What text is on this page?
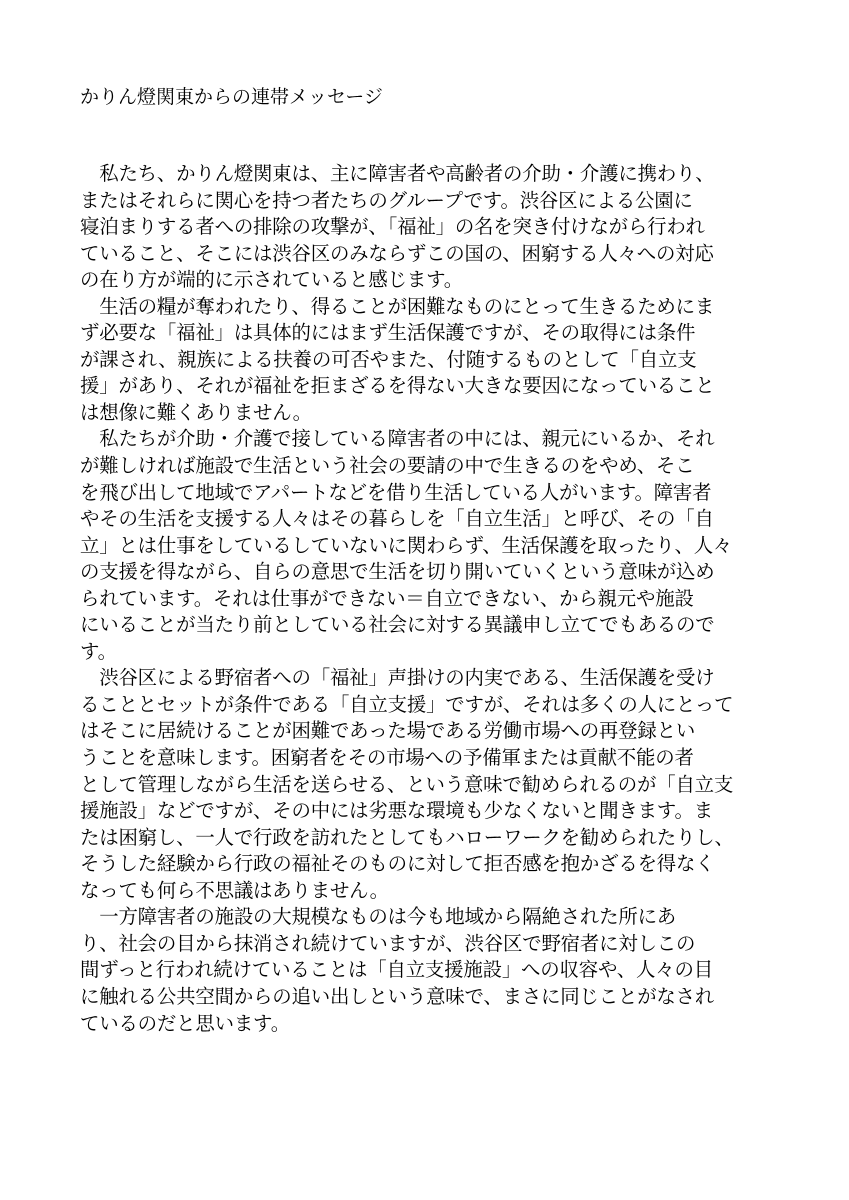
かりん燈関東からの連帯メッセージ
　私たち、かりん燈関東は、主に障害者や高齢者の介助・介護に携わり、
またはそれらに関心を持つ者たちのグループです。渋谷区による公園に
寝泊まりする者への排除の攻撃が、「福祉」の名を突き付けながら行われ
ていること、そこには渋谷区のみならずこの国の、困窮する人々への対応
の在り方が端的に示されていると感じます。
　生活の糧が奪われたり、得ることが困難なものにとって生きるためにま
ず必要な「福祉」は具体的にはまず生活保護ですが、その取得には条件
が課され、親族による扶養の可否やまた、付随するものとして「自立支
援」があり、それが福祉を拒まざるを得ない大きな要因になっていること
は想像に難くありません。
　私たちが介助・介護で接している障害者の中には、親元にいるか、それ
が難しければ施設で生活という社会の要請の中で生きるのをやめ、そこ
を飛び出して地域でアパートなどを借り生活している人がいます。障害者
やその生活を支援する人々はその暮らしを「自立生活」と呼び、その「自
立」とは仕事をしているしていないに関わらず、生活保護を取ったり、人々
の支援を得ながら、自らの意思で生活を切り開いていくという意味が込め
られています。それは仕事ができない＝自立できない、から親元や施設
にいることが当たり前としている社会に対する異議申し立てでもあるので
す。
　渋谷区による野宿者への「福祉」声掛けの内実である、生活保護を受け
ることとセットが条件である「自立支援」ですが、それは多くの人にとって
はそこに居続けることが困難であった場である労働市場への再登録とい
うことを意味します。困窮者をその市場への予備軍または貢献不能の者
として管理しながら生活を送らせる、という意味で勧められるのが「自立支
援施設」などですが、その中には劣悪な環境も少なくないと聞きます。ま
たは困窮し、一人で行政を訪れたとしてもハローワークを勧められたりし、
そうした経験から行政の福祉そのものに対して拒否感を抱かざるを得なく
なっても何ら不思議はありません。
　一方障害者の施設の大規模なものは今も地域から隔絶された所にあ
り、社会の目から抹消され続けていますが、渋谷区で野宿者に対しこの
間ずっと行われ続けていることは「自立支援施設」への収容や、人々の目
に触れる公共空間からの追い出しという意味で、まさに同じことがなされ
ているのだと思います。
